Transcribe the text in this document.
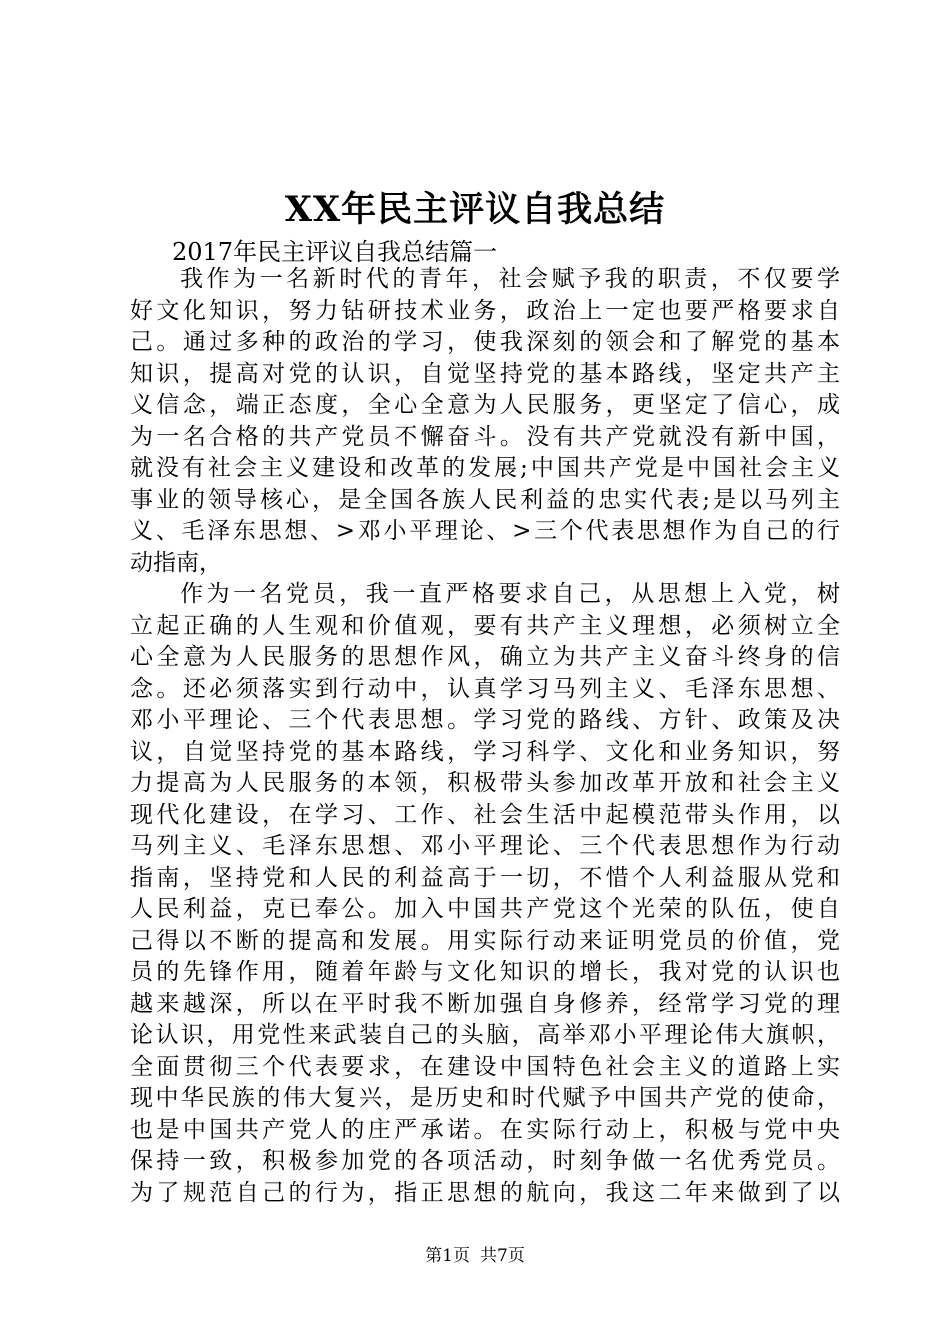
XX年民主评议自我总结
2017年民主评议自我总结篇一
我作为一名新时代的青年，社会赋予我的职责，不仅要学
好文化知识，努力钻研技术业务，政治上一定也要严格要求自
己。通过多种的政治的学习，使我深刻的领会和了解党的基本
知识，提高对党的认识，自觉坚持党的基本路线，坚定共产主
义信念，端正态度，全心全意为人民服务，更坚定了信心，成
为一名合格的共产党员不懈奋斗。没有共产党就没有新中国，
就没有社会主义建设和改革的发展;中国共产党是中国社会主义
事业的领导核心，是全国各族人民利益的忠实代表;是以马列主
义、毛泽东思想、>邓小平理论、>三个代表思想作为自己的行
动指南，
作为一名党员，我一直严格要求自己，从思想上入党，树
立起正确的人生观和价值观，要有共产主义理想，必须树立全
心全意为人民服务的思想作风，确立为共产主义奋斗终身的信
念。还必须落实到行动中，认真学习马列主义、毛泽东思想、
邓小平理论、三个代表思想。学习党的路线、方针、政策及决
议，自觉坚持党的基本路线，学习科学、文化和业务知识，努
力提高为人民服务的本领，积极带头参加改革开放和社会主义
现代化建设，在学习、工作、社会生活中起模范带头作用，以
马列主义、毛泽东思想、邓小平理论、三个代表思想作为行动
指南，坚持党和人民的利益高于一切，不惜个人利益服从党和
人民利益，克已奉公。加入中国共产党这个光荣的队伍，使自
己得以不断的提高和发展。用实际行动来证明党员的价值，党
员的先锋作用，随着年龄与文化知识的增长，我对党的认识也
越来越深，所以在平时我不断加强自身修养，经常学习党的理
论认识，用党性来武装自己的头脑，高举邓小平理论伟大旗帜，
全面贯彻三个代表要求，在建设中国特色社会主义的道路上实
现中华民族的伟大复兴，是历史和时代赋予中国共产党的使命，
也是中国共产党人的庄严承诺。在实际行动上，积极与党中央
保持一致，积极参加党的各项活动，时刻争做一名优秀党员。
为了规范自己的行为，指正思想的航向，我这二年来做到了以
第1页 共7页
